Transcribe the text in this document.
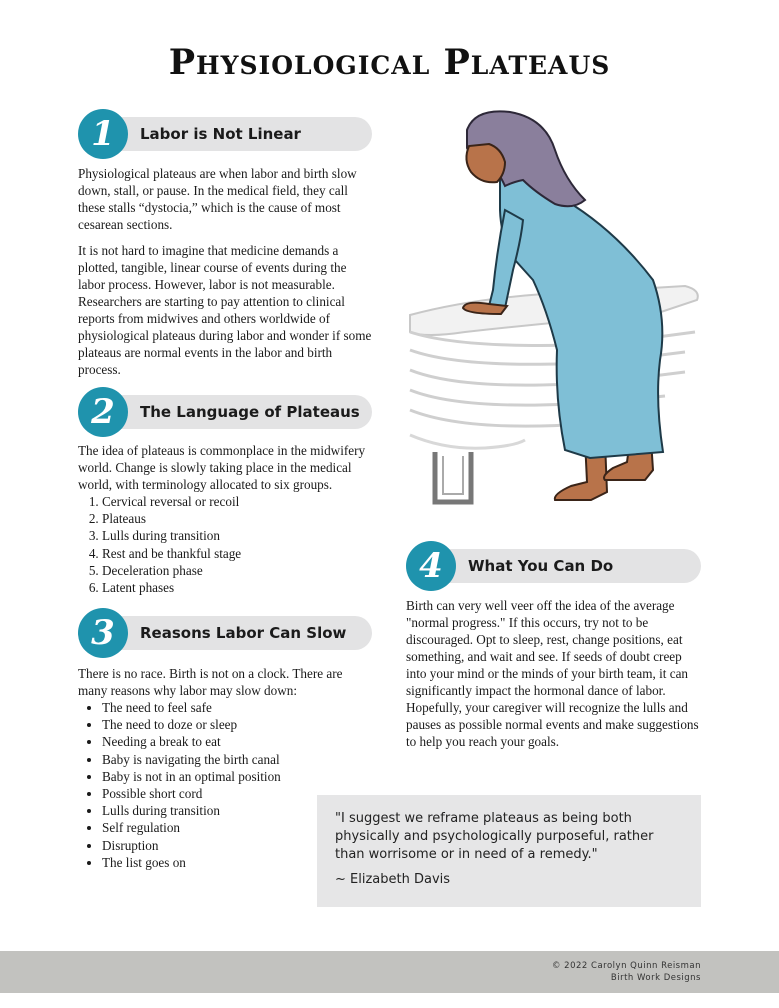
Physiological Plateaus
Labor is Not Linear
1

Physiological plateaus are when labor and birth slow down, stall, or pause. In the medical field, they call these stalls “dystocia,” which is the cause of most cesarean sections.

It is not hard to imagine that medicine demands a plotted, tangible, linear course of events during the labor process. However, labor is not measurable. Researchers are starting to pay attention to clinical reports from midwives and others worldwide of physiological plateaus during labor and wonder if some plateaus are normal events in the labor and birth process.

The Language of Plateaus
2

The idea of plateaus is commonplace in the midwifery world. Change is slowly taking place in the medical world, with terminology allocated to six groups.

1. Cervical reversal or recoil
2. Plateaus
3. Lulls during transition
4. Rest and be thankful stage
5. Deceleration phase
6. Latent phases
Reasons Labor Can Slow
3

There is no race. Birth is not on a clock. There are many reasons why labor may slow down:

• The need to feel safe
• The need to doze or sleep
• Needing a break to eat
• Baby is navigating the birth canal
• Baby is not in an optimal position
• Possible short cord
• Lulls during transition
• Self regulation
• Disruption
• The list goes on
What You Can Do
4

Birth can very well veer off the idea of the average "normal progress." If this occurs, try not to be discouraged. Opt to sleep, rest, change positions, eat something, and wait and see. If seeds of doubt creep into your mind or the minds of your birth team, it can significantly impact the hormonal dance of labor. Hopefully, your caregiver will recognize the lulls and pauses as possible normal events and make suggestions to help you reach your goals.

"I suggest we reframe plateaus as being both physically and psychologically purposeful, rather than worrisome or in need of a remedy."
~ Elizabeth Davis
© 2022 Carolyn Quinn Reisman
Birth Work Designs
